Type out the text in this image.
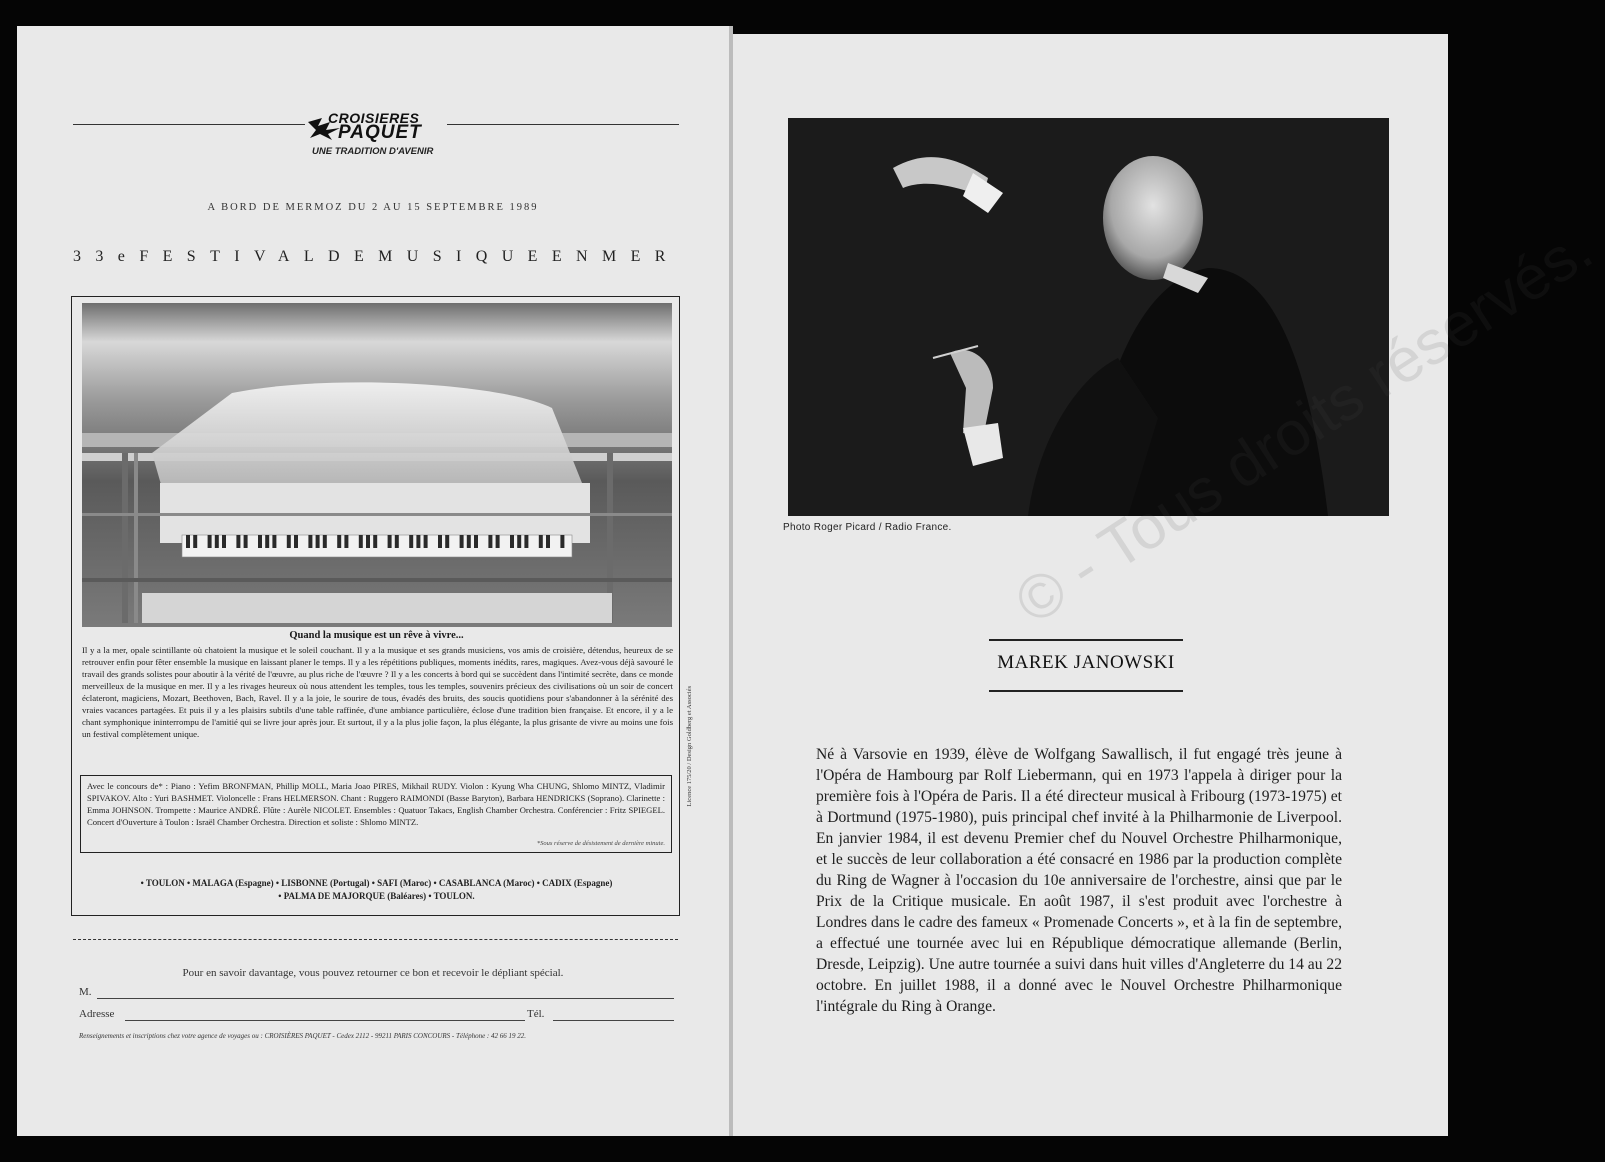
CROISIERES
PAQUET
UNE TRADITION D'AVENIR
A BORD DE MERMOZ DU 2 AU 15 SEPTEMBRE 1989
33e FESTIVAL DE MUSIQUE EN MER
Quand la musique est un rêve à vivre...
Il y a la mer, opale scintillante où chatoient la musique et le soleil couchant. Il y a la musique et ses grands musiciens, vos amis de croisière, détendus, heureux de se retrouver enfin pour fêter ensemble la musique en laissant planer le temps. Il y a les répétitions publiques, moments inédits, rares, magiques. Avez-vous déjà savouré le travail des grands solistes pour aboutir à la vérité de l'œuvre, au plus riche de l'œuvre ? Il y a les concerts à bord qui se succèdent dans l'intimité secrète, dans ce monde merveilleux de la musique en mer. Il y a les rivages heureux où nous attendent les temples, tous les temples, souvenirs précieux des civilisations où un soir de concert éclateront, magiciens, Mozart, Beethoven, Bach, Ravel. Il y a la joie, le sourire de tous, évadés des bruits, des soucis quotidiens pour s'abandonner à la sérénité des vraies vacances partagées. Et puis il y a les plaisirs subtils d'une table raffinée, d'une ambiance particulière, éclose d'une tradition bien française. Et encore, il y a le chant symphonique ininterrompu de l'amitié qui se livre jour après jour. Et surtout, il y a la plus jolie façon, la plus élégante, la plus grisante de vivre au moins une fois un festival complètement unique.
Avec le concours de* : Piano : Yefim BRONFMAN, Phillip MOLL, Maria Joao PIRES, Mikhail RUDY. Violon : Kyung Wha CHUNG, Shlomo MINTZ, Vladimir SPIVAKOV. Alto : Yuri BASHMET. Violoncelle : Frans HELMERSON. Chant : Ruggero RAIMONDI (Basse Baryton), Barbara HENDRICKS (Soprano). Clarinette : Emma JOHNSON. Trompette : Maurice ANDRÉ. Flûte : Aurèle NICOLET. Ensembles : Quatuor Takacs, English Chamber Orchestra. Conférencier : Fritz SPIEGEL. Concert d'Ouverture à Toulon : Israël Chamber Orchestra. Direction et soliste : Shlomo MINTZ.
*Sous réserve de désistement de dernière minute.
• TOULON • MALAGA (Espagne) • LISBONNE (Portugal) • SAFI (Maroc) • CASABLANCA (Maroc) • CADIX (Espagne)
• PALMA DE MAJORQUE (Baléares) • TOULON.
Licence 175/20 / Design Goldberg et Associés
Pour en savoir davantage, vous pouvez retourner ce bon et recevoir le dépliant spécial.
M.
Adresse	Tél.
Renseignements et inscriptions chez votre agence de voyages ou : CROISIÈRES PAQUET - Cedex 2112 - 99211 PARIS CONCOURS - Téléphone : 42 66 19 22.
Photo Roger Picard / Radio France.
MAREK JANOWSKI
Né à Varsovie en 1939, élève de Wolfgang Sawallisch, il fut engagé très jeune à l'Opéra de Hambourg par Rolf Liebermann, qui en 1973 l'appela à diriger pour la première fois à l'Opéra de Paris. Il a été directeur musical à Fribourg (1973-1975) et à Dortmund (1975-1980), puis principal chef invité à la Philharmonie de Liverpool. En janvier 1984, il est devenu Premier chef du Nouvel Orchestre Philharmonique, et le succès de leur collaboration a été consacré en 1986 par la production complète du Ring de Wagner à l'occasion du 10e anniversaire de l'orchestre, ainsi que par le Prix de la Critique musicale. En août 1987, il s'est produit avec l'orchestre à Londres dans le cadre des fameux « Promenade Concerts », et à la fin de septembre, a effectué une tournée avec lui en République démocratique allemande (Berlin, Dresde, Leipzig). Une autre tournée a suivi dans huit villes d'Angleterre du 14 au 22 octobre. En juillet 1988, il a donné avec le Nouvel Orchestre Philharmonique l'intégrale du Ring à Orange.
© - Tous réservés.
